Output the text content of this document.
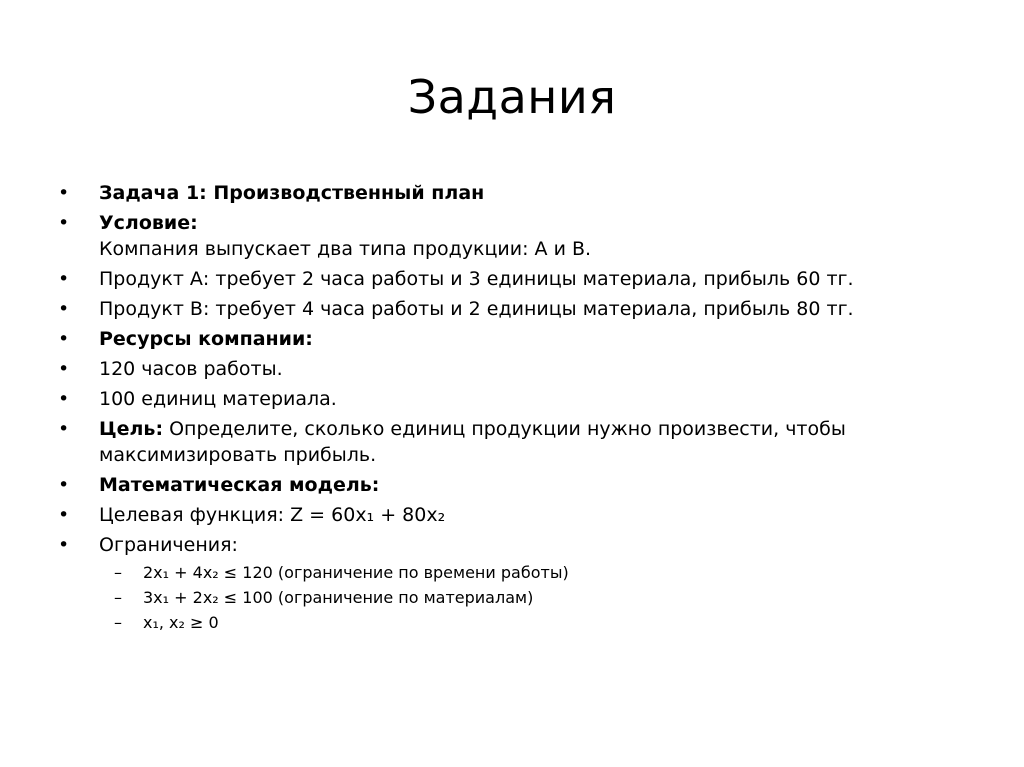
Задания
•	Задача 1: Производственный план
•	Условие:
Компания выпускает два типа продукции: А и В.
•	Продукт А: требует 2 часа работы и 3 единицы материала, прибыль 60 тг.
•	Продукт В: требует 4 часа работы и 2 единицы материала, прибыль 80 тг.
•	Ресурсы компании:
•	120 часов работы.
•	100 единиц материала.
•	Цель: Определите, сколько единиц продукции нужно произвести, чтобы максимизировать прибыль.
•	Математическая модель:
•	Целевая функция: Z = 60x₁ + 80x₂
•	Ограничения:
– 2x₁ + 4x₂ ≤ 120 (ограничение по времени работы)
– 3x₁ + 2x₂ ≤ 100 (ограничение по материалам)
– x₁, x₂ ≥ 0
